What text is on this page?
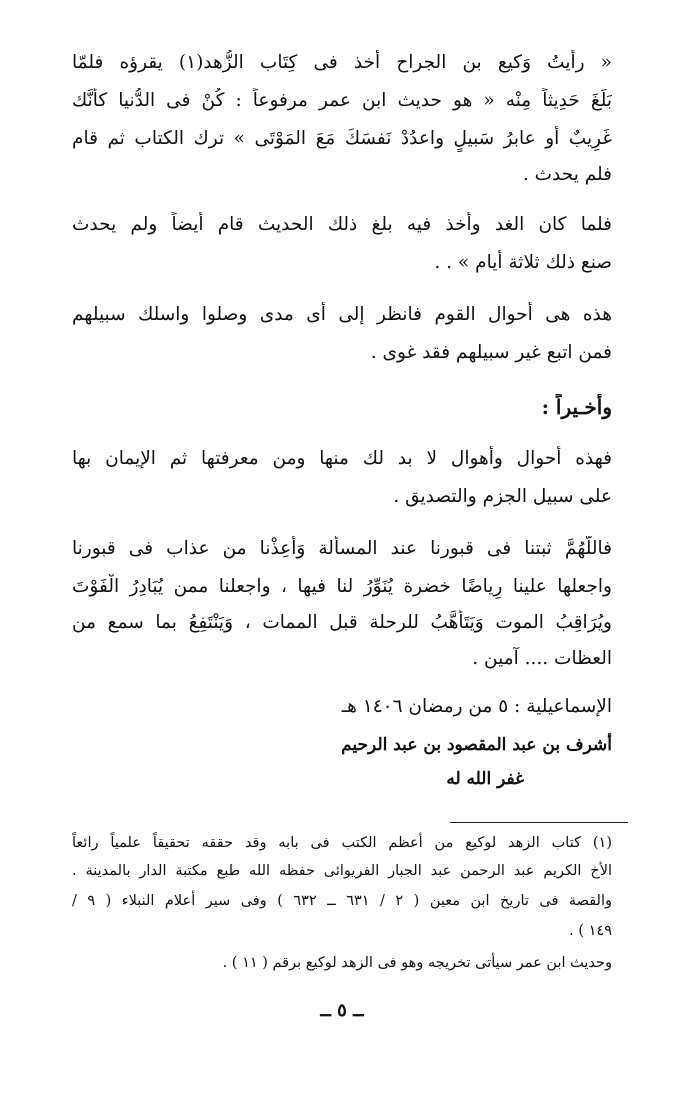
« رأيتُ وَكيع بن الجراح أخذ فى كِتَاب الزُّهد(١) يقرؤه فلمّا
بَلَغَ حَدِيثاً مِنْه « هو حديث ابن عمر مرفوعاً : كُنْ فى الدُّنيا كأنَّك
غَرِيبٌ أو عابرُ سَبيلٍ واعدُدْ نَفسَكَ مَعَ المَوْتَى » ترك الكتاب ثم قام
فلم يحدث .
فلما كان الغد وأخذ فيه بلغ ذلك الحديث قام أيضاً ولم يحدث
صنع ذلك ثلاثة أيام » . .
هذه هى أحوال القوم فانظر إلى أى مدى وصلوا واسلك سبيلهم
فمن اتبع غير سبيلهم فقد غوى .
وأخـيراً :
فهذه أحوال وأهوال لا بد لك منها ومن معرفتها ثم الإيمان بها
على سبيل الجزم والتصديق .
فاللَّهُمَّ ثبتنا فى قبورنا عند المسألة وَأَعِذْنا من عذاب فى قبورنا
واجعلها علينا رِياضًا خضرة يُنَوِّرُ لنا فيها ، واجعلنا ممن يُبَادِرُ الْفَوْتَ
ويُرَاقِبُ الموت وَيَتَأَهَّبُ للرحلة قبل الممات ، وَيَنْتَفِعُ بما سمع من
العظات .... آمين .
الإسماعيلية : ٥ من رمضان ١٤٠٦ هـ
أشرف بن عبد المقصود بن عبد الرحيم
غفر الله له
(١) كتاب الزهد لوكيع من أعظم الكتب فى بابه وقد حققه تحقيقاً علمياً رائعاً
الأخ الكريم عبد الرحمن عبد الجبار الفريوائى حفظه الله طبع مكتبة الدار بالمدينة .
والقصة فى تاريخ ابن معين ( ٢ / ٦٣١ ــ ٦٣٢ ) وفى سير أعلام النبلاء ( ٩ /
١٤٩ ) .
وحديث ابن عمر سيأتى تخريجه وهو فى الزهد لوكيع برقم ( ١١ ) .
ــ ٥ ــ
